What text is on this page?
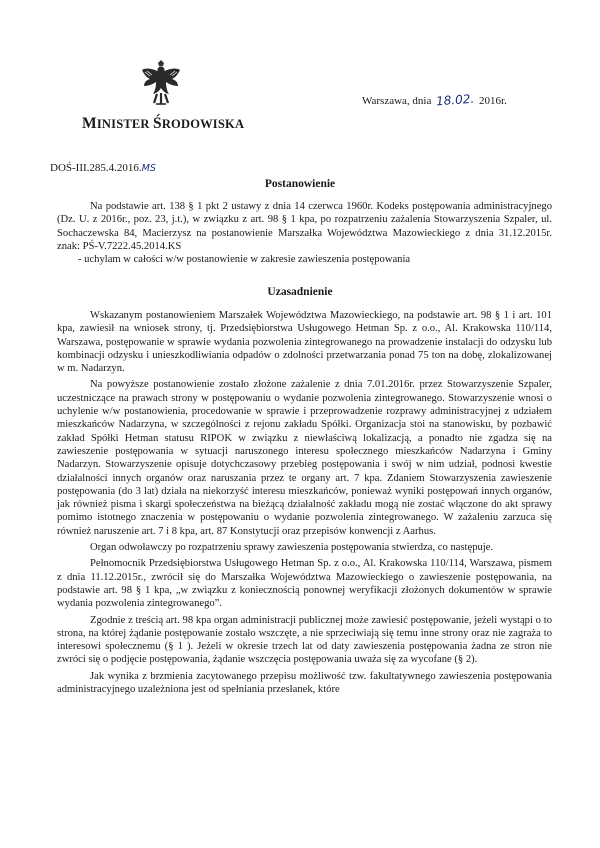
MINISTER ŚRODOWISKA
Warszawa, dnia 18.02. 2016r.
DOŚ-III.285.4.2016.MS
Postanowienie

Na podstawie art. 138 § 1 pkt 2 ustawy z dnia 14 czerwca 1960r. Kodeks postępowania administracyjnego (Dz. U. z 2016r., poz. 23, j.t.), w związku z art. 98 § 1 kpa, po rozpatrzeniu zażalenia Stowarzyszenia Szpaler, ul. Sochaczewska 84, Macierzysz na postanowienie Marszałka Województwa Mazowieckiego z dnia 31.12.2015r. znak: PŚ-V.7222.45.2014.KS

- uchylam w całości w/w postanowienie w zakresie zawieszenia postępowania

Uzasadnienie

Wskazanym postanowieniem Marszałek Województwa Mazowieckiego, na podstawie art. 98 § 1 i art. 101 kpa, zawiesił na wniosek strony, tj. Przedsiębiorstwa Usługowego Hetman Sp. z o.o., Al. Krakowska 110/114, Warszawa, postępowanie w sprawie wydania pozwolenia zintegrowanego na prowadzenie instalacji do odzysku lub kombinacji odzysku i unieszkodliwiania odpadów o zdolności przetwarzania ponad 75 ton na dobę, zlokalizowanej w m. Nadarzyn.

Na powyższe postanowienie zostało złożone zażalenie z dnia 7.01.2016r. przez Stowarzyszenie Szpaler, uczestniczące na prawach strony w postępowaniu o wydanie pozwolenia zintegrowanego. Stowarzyszenie wnosi o uchylenie w/w postanowienia, procedowanie w sprawie i przeprowadzenie rozprawy administracyjnej z udziałem mieszkańców Nadarzyna, w szczególności z rejonu zakładu Spółki. Organizacja stoi na stanowisku, by pozbawić zakład Spółki Hetman statusu RIPOK w związku z niewłaściwą lokalizacją, a ponadto nie zgadza się na zawieszenie postępowania w sytuacji naruszonego interesu społecznego mieszkańców Nadarzyna i Gminy Nadarzyn. Stowarzyszenie opisuje dotychczasowy przebieg postępowania i swój w nim udział, podnosi kwestie działalności innych organów oraz naruszania przez te organy art. 7 kpa. Zdaniem Stowarzyszenia zawieszenie postępowania (do 3 lat) działa na niekorzyść interesu mieszkańców, ponieważ wyniki postępowań innych organów, jak również pisma i skargi społeczeństwa na bieżącą działalność zakładu mogą nie zostać włączone do akt sprawy pomimo istotnego znaczenia w postępowaniu o wydanie pozwolenia zintegrowanego. W zażaleniu zarzuca się również naruszenie art. 7 i 8 kpa, art. 87 Konstytucji oraz przepisów konwencji z Aarhus.

Organ odwoławczy po rozpatrzeniu sprawy zawieszenia postępowania stwierdza, co następuje.

Pełnomocnik Przedsiębiorstwa Usługowego Hetman Sp. z o.o., Al. Krakowska 110/114, Warszawa, pismem z dnia 11.12.2015r., zwrócił się do Marszałka Województwa Mazowieckiego o zawieszenie postępowania, na podstawie art. 98 § 1 kpa, „w związku z koniecznością ponownej weryfikacji złożonych dokumentów w sprawie wydania pozwolenia zintegrowanego”.

Zgodnie z treścią art. 98 kpa organ administracji publicznej może zawiesić postępowanie, jeżeli wystąpi o to strona, na której żądanie postępowanie zostało wszczęte, a nie sprzeciwiają się temu inne strony oraz nie zagraża to interesowi społecznemu (§ 1 ). Jeżeli w okresie trzech lat od daty zawieszenia postępowania żadna ze stron nie zwróci się o podjęcie postępowania, żądanie wszczęcia postępowania uważa się za wycofane (§ 2).

Jak wynika z brzmienia zacytowanego przepisu możliwość tzw. fakultatywnego zawieszenia postępowania administracyjnego uzależniona jest od spełniania przesłanek, które
